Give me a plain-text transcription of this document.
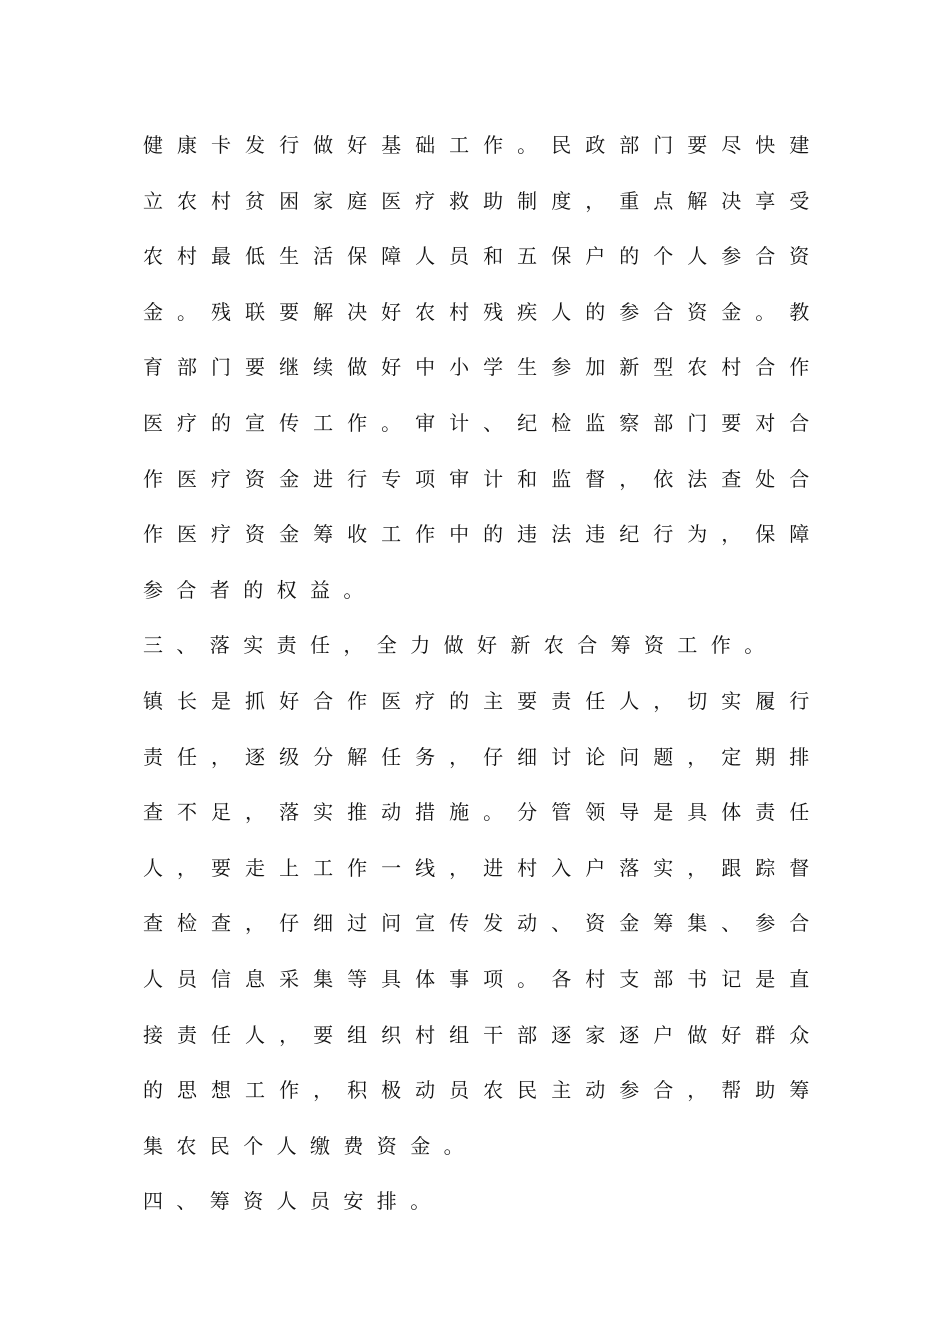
健 康 卡 发 行 做 好 基 础 工 作 。 民 政 部 门 要 尽 快 建
立 农 村 贫 困 家 庭 医 疗 救 助 制 度 ， 重 点 解 决 享 受
农 村 最 低 生 活 保 障 人 员 和 五 保 户 的 个 人 参 合 资
金 。 残 联 要 解 决 好 农 村 残 疾 人 的 参 合 资 金 。 教
育 部 门 要 继 续 做 好 中 小 学 生 参 加 新 型 农 村 合 作
医 疗 的 宣 传 工 作 。 审 计 、 纪 检 监 察 部 门 要 对 合
作 医 疗 资 金 进 行 专 项 审 计 和 监 督 ， 依 法 查 处 合
作 医 疗 资 金 筹 收 工 作 中 的 违 法 违 纪 行 为 ， 保 障
参合者的权益。
三、落实责任，全力做好新农合筹资工作。
镇 长 是 抓 好 合 作 医 疗 的 主 要 责 任 人 ， 切 实 履 行
责 任 ， 逐 级 分 解 任 务 ， 仔 细 讨 论 问 题 ， 定 期 排
查 不 足 ， 落 实 推 动 措 施 。 分 管 领 导 是 具 体 责 任
人 ， 要 走 上 工 作 一 线 ， 进 村 入 户 落 实 ， 跟 踪 督
查 检 查 ， 仔 细 过 问 宣 传 发 动 、 资 金 筹 集 、 参 合
人 员 信 息 采 集 等 具 体 事 项 。 各 村 支 部 书 记 是 直
接 责 任 人 ， 要 组 织 村 组 干 部 逐 家 逐 户 做 好 群 众
的 思 想 工 作 ， 积 极 动 员 农 民 主 动 参 合 ， 帮 助 筹
集农民个人缴费资金。
四、筹资人员安排。
